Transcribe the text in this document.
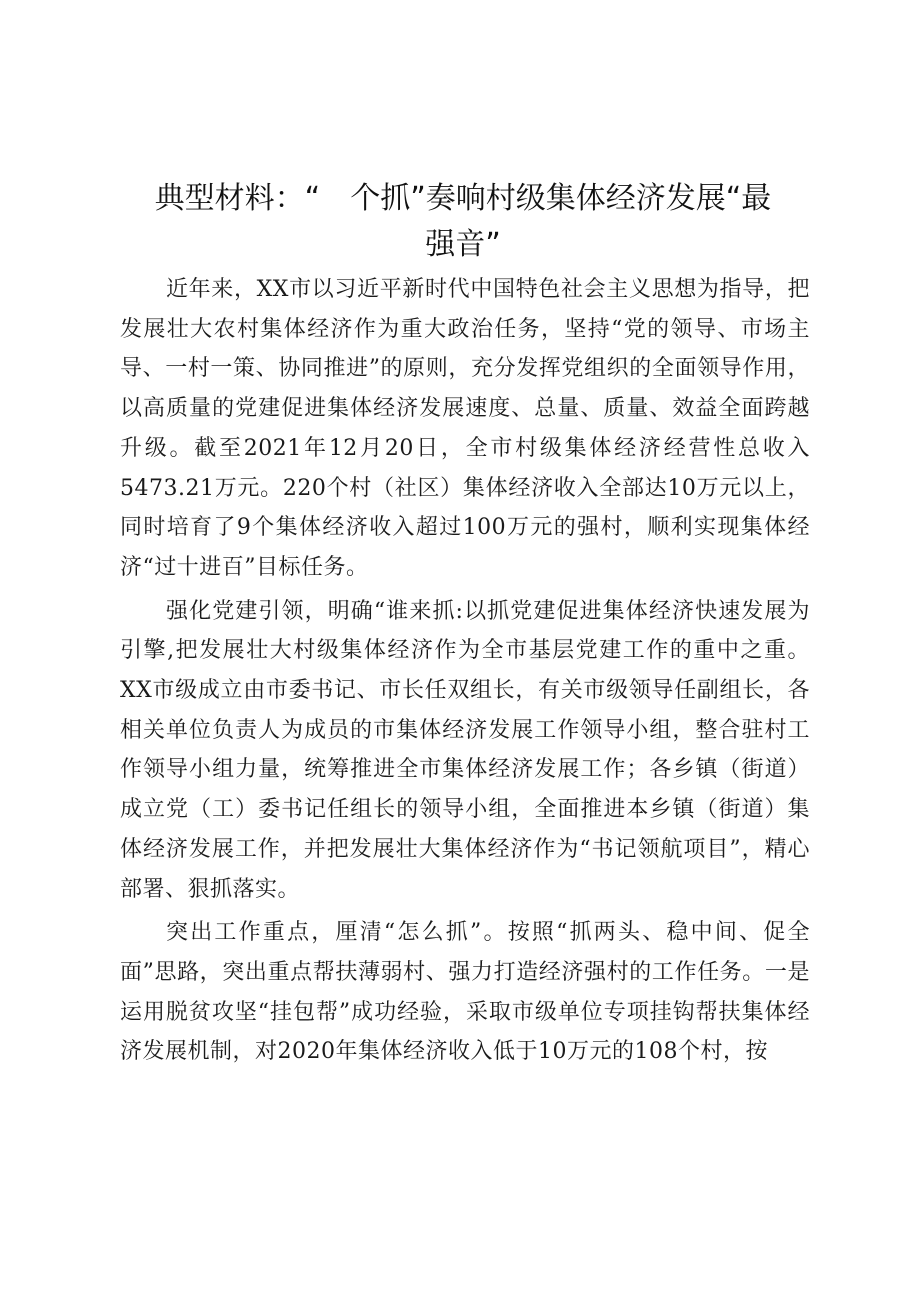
典型材料：“　个抓”奏响村级集体经济发展“最
强音”

近年来，XX市以习近平新时代中国特色社会主义思想为指导，把发展壮大农村集体经济作为重大政治任务，坚持“党的领导、市场主导、一村一策、协同推进”的原则，充分发挥党组织的全面领导作用，以高质量的党建促进集体经济发展速度、总量、质量、效益全面跨越升级。截至2021年12月20日，全市村级集体经济经营性总收入5473.21万元。220个村（社区）集体经济收入全部达10万元以上，同时培育了9个集体经济收入超过100万元的强村，顺利实现集体经济“过十进百”目标任务。

强化党建引领，明确“谁来抓:以抓党建促进集体经济快速发展为引擎,把发展壮大村级集体经济作为全市基层党建工作的重中之重。XX市级成立由市委书记、市长任双组长，有关市级领导任副组长，各相关单位负责人为成员的市集体经济发展工作领导小组，整合驻村工作领导小组力量，统筹推进全市集体经济发展工作；各乡镇（街道）成立党（工）委书记任组长的领导小组，全面推进本乡镇（街道）集体经济发展工作，并把发展壮大集体经济作为“书记领航项目”，精心部署、狠抓落实。

突出工作重点，厘清“怎么抓”。按照“抓两头、稳中间、促全面”思路，突出重点帮扶薄弱村、强力打造经济强村的工作任务。一是运用脱贫攻坚“挂包帮”成功经验，采取市级单位专项挂钩帮扶集体经济发展机制，对2020年集体经济收入低于10万元的108个村，按
